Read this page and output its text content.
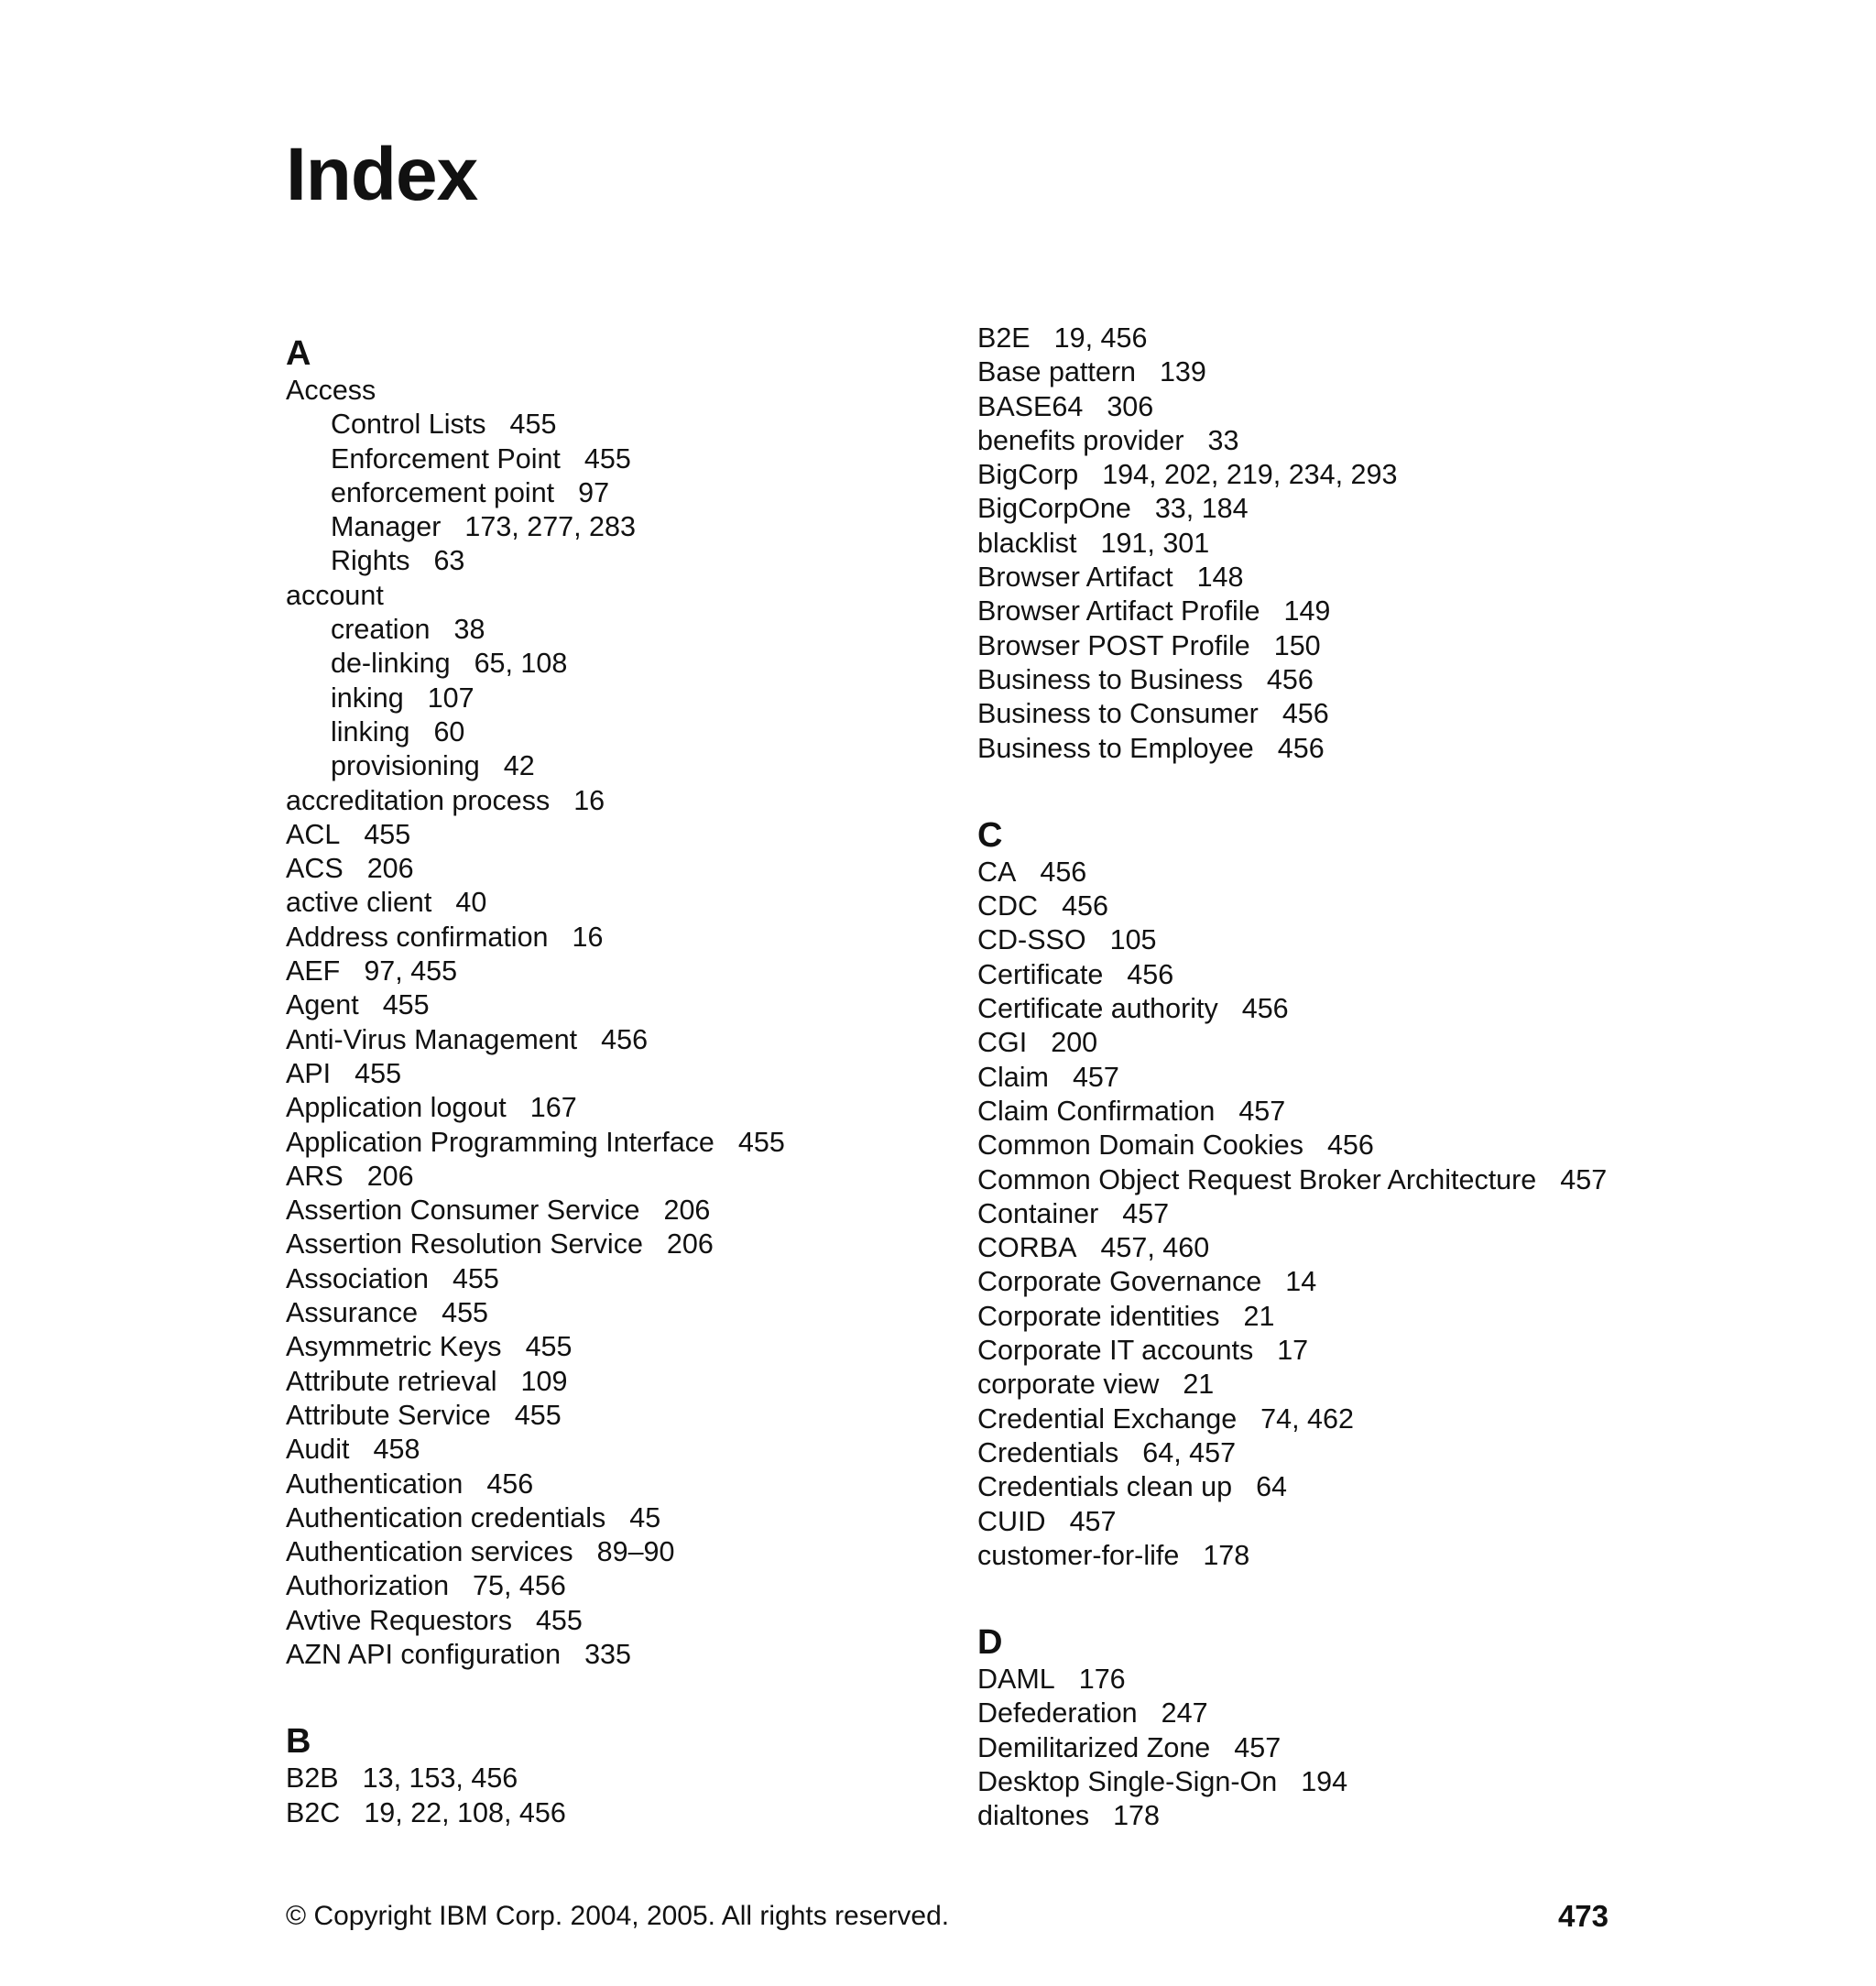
Index
A
Access
Control Lists 455
Enforcement Point 455
enforcement point 97
Manager 173, 277, 283
Rights 63
account
creation 38
de-linking 65, 108
inking 107
linking 60
provisioning 42
accreditation process 16
ACL 455
ACS 206
active client 40
Address confirmation 16
AEF 97, 455
Agent 455
Anti-Virus Management 456
API 455
Application logout 167
Application Programming Interface 455
ARS 206
Assertion Consumer Service 206
Assertion Resolution Service 206
Association 455
Assurance 455
Asymmetric Keys 455
Attribute retrieval 109
Attribute Service 455
Audit 458
Authentication 456
Authentication credentials 45
Authentication services 89–90
Authorization 75, 456
Avtive Requestors 455
AZN API configuration 335
B
B2B 13, 153, 456
B2C 19, 22, 108, 456
B2E 19, 456
Base pattern 139
BASE64 306
benefits provider 33
BigCorp 194, 202, 219, 234, 293
BigCorpOne 33, 184
blacklist 191, 301
Browser Artifact 148
Browser Artifact Profile 149
Browser POST Profile 150
Business to Business 456
Business to Consumer 456
Business to Employee 456
C
CA 456
CDC 456
CD-SSO 105
Certificate 456
Certificate authority 456
CGI 200
Claim 457
Claim Confirmation 457
Common Domain Cookies 456
Common Object Request Broker Architecture 457
Container 457
CORBA 457, 460
Corporate Governance 14
Corporate identities 21
Corporate IT accounts 17
corporate view 21
Credential Exchange 74, 462
Credentials 64, 457
Credentials clean up 64
CUID 457
customer-for-life 178
D
DAML 176
Defederation 247
Demilitarized Zone 457
Desktop Single-Sign-On 194
dialtones 178
© Copyright IBM Corp. 2004, 2005. All rights reserved.	473
